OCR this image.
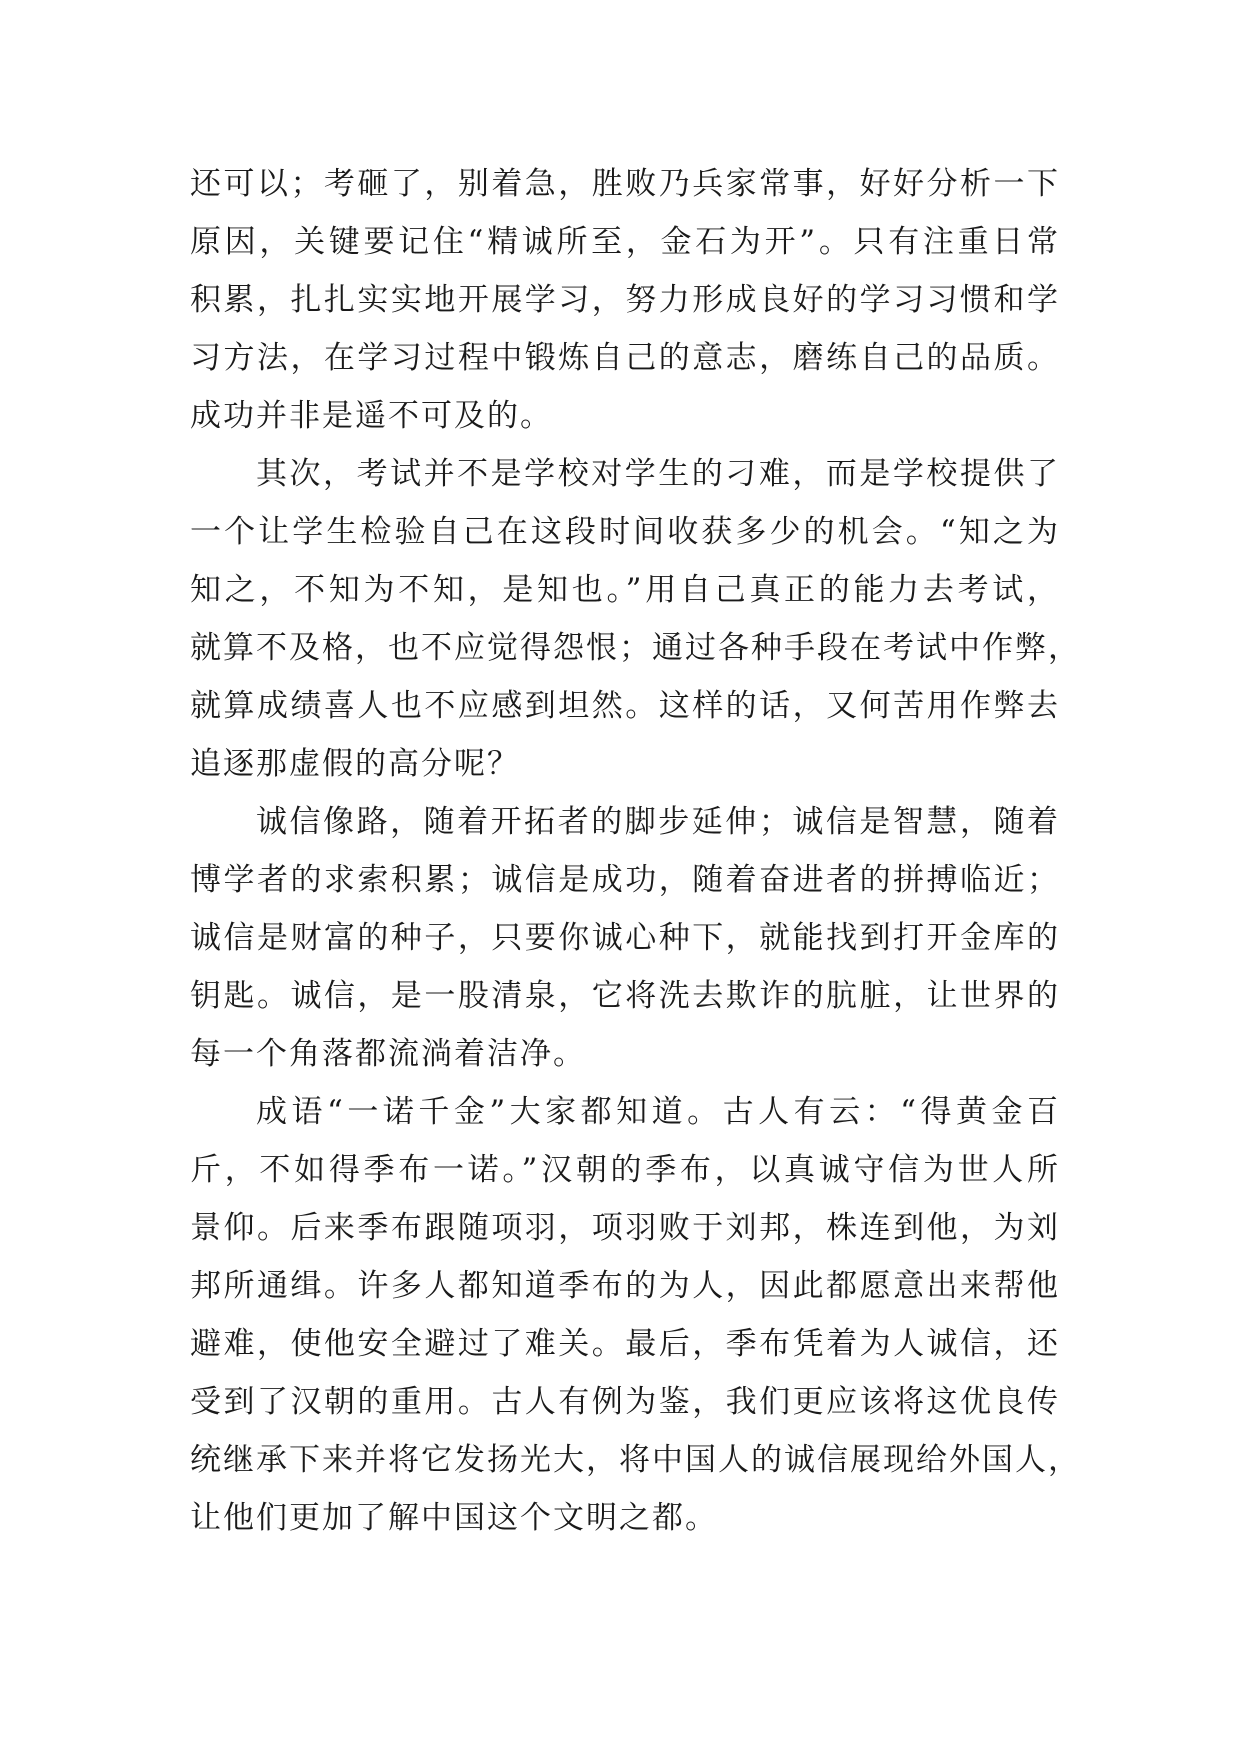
还可以；考砸了，别着急，胜败乃兵家常事，好好分析一下
原因，关键要记住“精诚所至，金石为开”。只有注重日常
积累，扎扎实实地开展学习，努力形成良好的学习习惯和学
习方法，在学习过程中锻炼自己的意志，磨练自己的品质。
成功并非是遥不可及的。
其次，考试并不是学校对学生的刁难，而是学校提供了
一个让学生检验自己在这段时间收获多少的机会。“知之为
知之，不知为不知，是知也。”用自己真正的能力去考试，
就算不及格，也不应觉得怨恨；通过各种手段在考试中作弊，
就算成绩喜人也不应感到坦然。这样的话，又何苦用作弊去
追逐那虚假的高分呢？
诚信像路，随着开拓者的脚步延伸；诚信是智慧，随着
博学者的求索积累；诚信是成功，随着奋进者的拼搏临近；
诚信是财富的种子，只要你诚心种下，就能找到打开金库的
钥匙。诚信，是一股清泉，它将洗去欺诈的肮脏，让世界的
每一个角落都流淌着洁净。
成语“一诺千金”大家都知道。古人有云：“得黄金百
斤，不如得季布一诺。”汉朝的季布，以真诚守信为世人所
景仰。后来季布跟随项羽，项羽败于刘邦，株连到他，为刘
邦所通缉。许多人都知道季布的为人，因此都愿意出来帮他
避难，使他安全避过了难关。最后，季布凭着为人诚信，还
受到了汉朝的重用。古人有例为鉴，我们更应该将这优良传
统继承下来并将它发扬光大，将中国人的诚信展现给外国人，
让他们更加了解中国这个文明之都。
